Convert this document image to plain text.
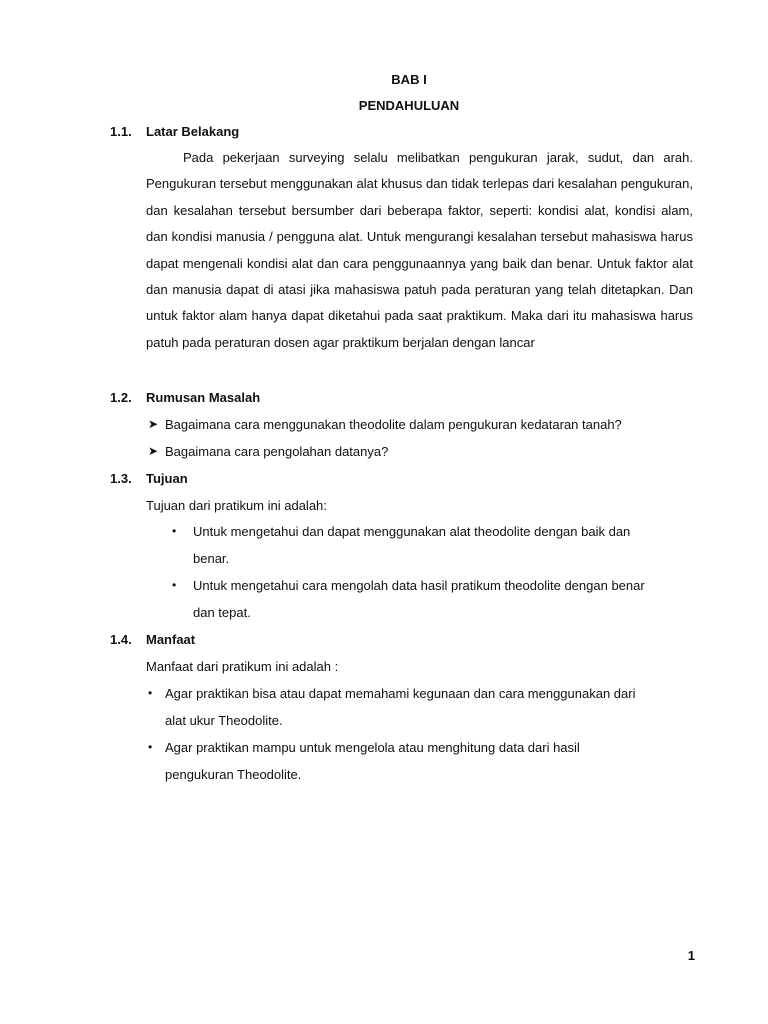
BAB I
PENDAHULUAN
1.1. Latar Belakang
Pada pekerjaan surveying selalu melibatkan pengukuran jarak, sudut, dan arah. Pengukuran tersebut menggunakan alat khusus dan tidak terlepas dari kesalahan pengukuran, dan kesalahan tersebut bersumber dari beberapa faktor, seperti: kondisi alat, kondisi alam, dan kondisi manusia / pengguna alat. Untuk mengurangi kesalahan tersebut mahasiswa harus dapat mengenali kondisi alat dan cara penggunaannya yang baik dan benar. Untuk faktor alat dan manusia dapat di atasi jika mahasiswa patuh pada peraturan yang telah ditetapkan. Dan untuk faktor alam hanya dapat diketahui pada saat praktikum. Maka dari itu mahasiswa harus patuh pada peraturan dosen agar praktikum berjalan dengan lancar
1.2. Rumusan Masalah
➤ Bagaimana cara menggunakan theodolite dalam pengukuran kedataran tanah?
➤ Bagaimana cara pengolahan datanya?
1.3. Tujuan
Tujuan dari pratikum ini adalah:
• Untuk mengetahui dan dapat menggunakan alat theodolite dengan baik dan
benar.
• Untuk mengetahui cara mengolah data hasil pratikum theodolite dengan benar
dan tepat.
1.4. Manfaat
Manfaat dari pratikum ini adalah :
• Agar praktikan bisa atau dapat memahami kegunaan dan cara menggunakan dari
alat ukur Theodolite.
• Agar praktikan mampu untuk mengelola atau menghitung data dari hasil
pengukuran Theodolite.
1
